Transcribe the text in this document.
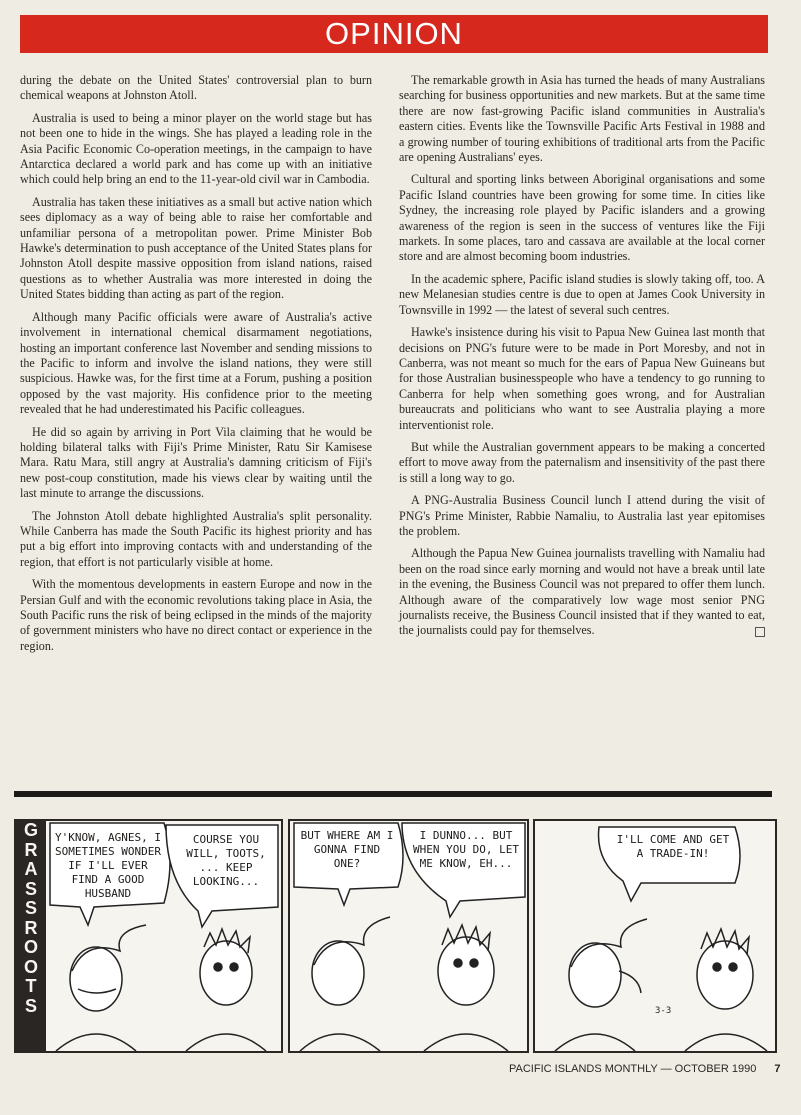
OPINION

during the debate on the United States' controversial plan to burn chemical weapons at Johnston Atoll.

Australia is used to being a minor player on the world stage but has not been one to hide in the wings. She has played a leading role in the Asia Pacific Economic Co-operation meetings, in the campaign to have Antarctica declared a world park and has come up with an initiative which could help bring an end to the 11-year-old civil war in Cambodia.

Australia has taken these initiatives as a small but active nation which sees diplomacy as a way of being able to raise her comfortable and unfamiliar persona of a metropolitan power. Prime Minister Bob Hawke's determination to push acceptance of the United States plans for Johnston Atoll despite massive opposition from island nations, raised questions as to whether Australia was more interested in doing the United States bidding than acting as part of the region.

Although many Pacific officials were aware of Australia's active involvement in international chemical disarmament negotiations, hosting an important conference last November and sending missions to the Pacific to inform and involve the island nations, they were still suspicious. Hawke was, for the first time at a Forum, pushing a position opposed by the vast majority. His confidence prior to the meeting revealed that he had underestimated his Pacific colleagues.

He did so again by arriving in Port Vila claiming that he would be holding bilateral talks with Fiji's Prime Minister, Ratu Sir Kamisese Mara. Ratu Mara, still angry at Australia's damning criticism of Fiji's new post-coup constitution, made his views clear by waiting until the last minute to arrange the discussions.

The Johnston Atoll debate highlighted Australia's split personality. While Canberra has made the South Pacific its highest priority and has put a big effort into improving contacts with and understanding of the region, that effort is not particularly visible at home.

With the momentous developments in eastern Europe and now in the Persian Gulf and with the economic revolutions taking place in Asia, the South Pacific runs the risk of being eclipsed in the minds of the majority of government ministers who have no direct contact or experience in the region.

The remarkable growth in Asia has turned the heads of many Australians searching for business opportunities and new markets. But at the same time there are now fast-growing Pacific island communities in Australia's eastern cities. Events like the Townsville Pacific Arts Festival in 1988 and a growing number of touring exhibitions of traditional arts from the Pacific are opening Australians' eyes.

Cultural and sporting links between Aboriginal organisations and some Pacific Island countries have been growing for some time. In cities like Sydney, the increasing role played by Pacific islanders and a growing awareness of the region is seen in the success of ventures like the Fiji markets. In some places, taro and cassava are available at the local corner store and are almost becoming boom industries.

In the academic sphere, Pacific island studies is slowly taking off, too. A new Melanesian studies centre is due to open at James Cook University in Townsville in 1992 — the latest of several such centres.

Hawke's insistence during his visit to Papua New Guinea last month that decisions on PNG's future were to be made in Port Moresby, and not in Canberra, was not meant so much for the ears of Papua New Guineans but for those Australian businesspeople who have a tendency to go running to Canberra for help when something goes wrong, and for Australian bureaucrats and politicians who want to see Australia playing a more interventionist role.

But while the Australian government appears to be making a concerted effort to move away from the paternalism and insensitivity of the past there is still a long way to go.

A PNG-Australia Business Council lunch I attend during the visit of PNG's Prime Minister, Rabbie Namaliu, to Australia last year epitomises the problem.

Although the Papua New Guinea journalists travelling with Namaliu had been on the road since early morning and would not have a break until late in the evening, the Business Council was not prepared to offer them lunch. Although aware of the comparatively low wage most senior PNG journalists receive, the Business Council insisted that if they wanted to eat, the journalists could pay for themselves.

G
R
A
S
S
R
O
O
T
S
Y'KNOW, AGNES, I SOMETIMES WONDER IF I'LL EVER FIND A GOOD HUSBAND
COURSE YOU WILL, TOOTS, ... KEEP LOOKING...
BUT WHERE AM I GONNA FIND ONE?
I DUNNO... BUT WHEN YOU DO, LET ME KNOW, EH...
I'LL COME AND GET A TRADE-IN!
3-3
PACIFIC ISLANDS MONTHLY — OCTOBER 1990 7
